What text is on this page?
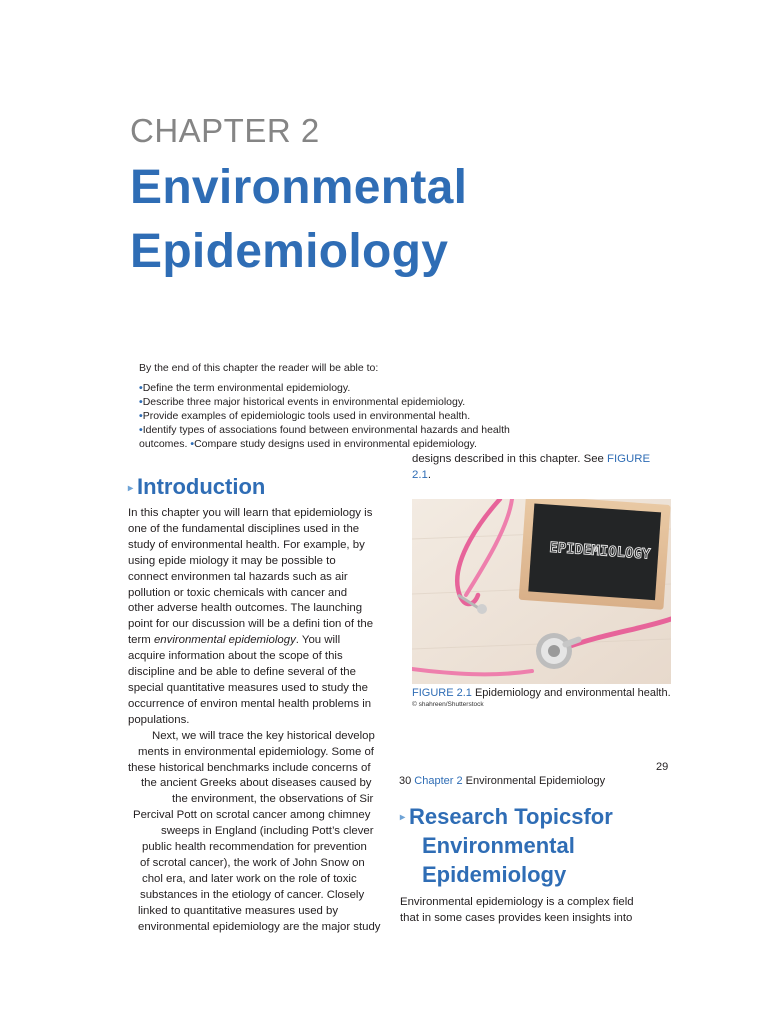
CHAPTER 2
Environmental
Epidemiology
By the end of this chapter the reader will be able to:
•Define the term environmental epidemiology.
•Describe three major historical events in environmental epidemiology.
•Provide examples of epidemiologic tools used in environmental health.
•Identify types of associations found between environmental hazards and health
outcomes. •Compare study designs used in environmental epidemiology.
designs described in this chapter. See FIGURE
2.1.
▸ Introduction
In this chapter you will learn that epidemiology is
one of the fundamental disciplines used in the
study of environmental health. For example, by
using epide miology it may be possible to
connect environmen tal hazards such as air
pollution or toxic chemicals with cancer and
other adverse health outcomes. The launching
point for our discussion will be a defini tion of the
term environmental epidemiology. You will
acquire information about the scope of this
discipline and be able to define several of the
special quantitative measures used to study the
occurrence of environ mental health problems in
populations.
Next, we will trace the key historical develop
ments in environmental epidemiology. Some of
these historical benchmarks include concerns of
the ancient Greeks about diseases caused by
the environment, the observations of Sir
Percival Pott on scrotal cancer among chimney
sweeps in England (including Pott’s clever
public health recommendation for prevention
of scrotal cancer), the work of John Snow on
chol era, and later work on the role of toxic
substances in the etiology of cancer. Closely
linked to quantitative measures used by
environmental epidemiology are the major study
EPIDEMIOLOGY
FIGURE 2.1 Epidemiology and environmental health.
© shahreen/Shutterstock
29
30 Chapter 2 Environmental Epidemiology
▸ Research Topicsfor
Environmental
Epidemiology
Environmental epidemiology is a complex field
that in some cases provides keen insights into
